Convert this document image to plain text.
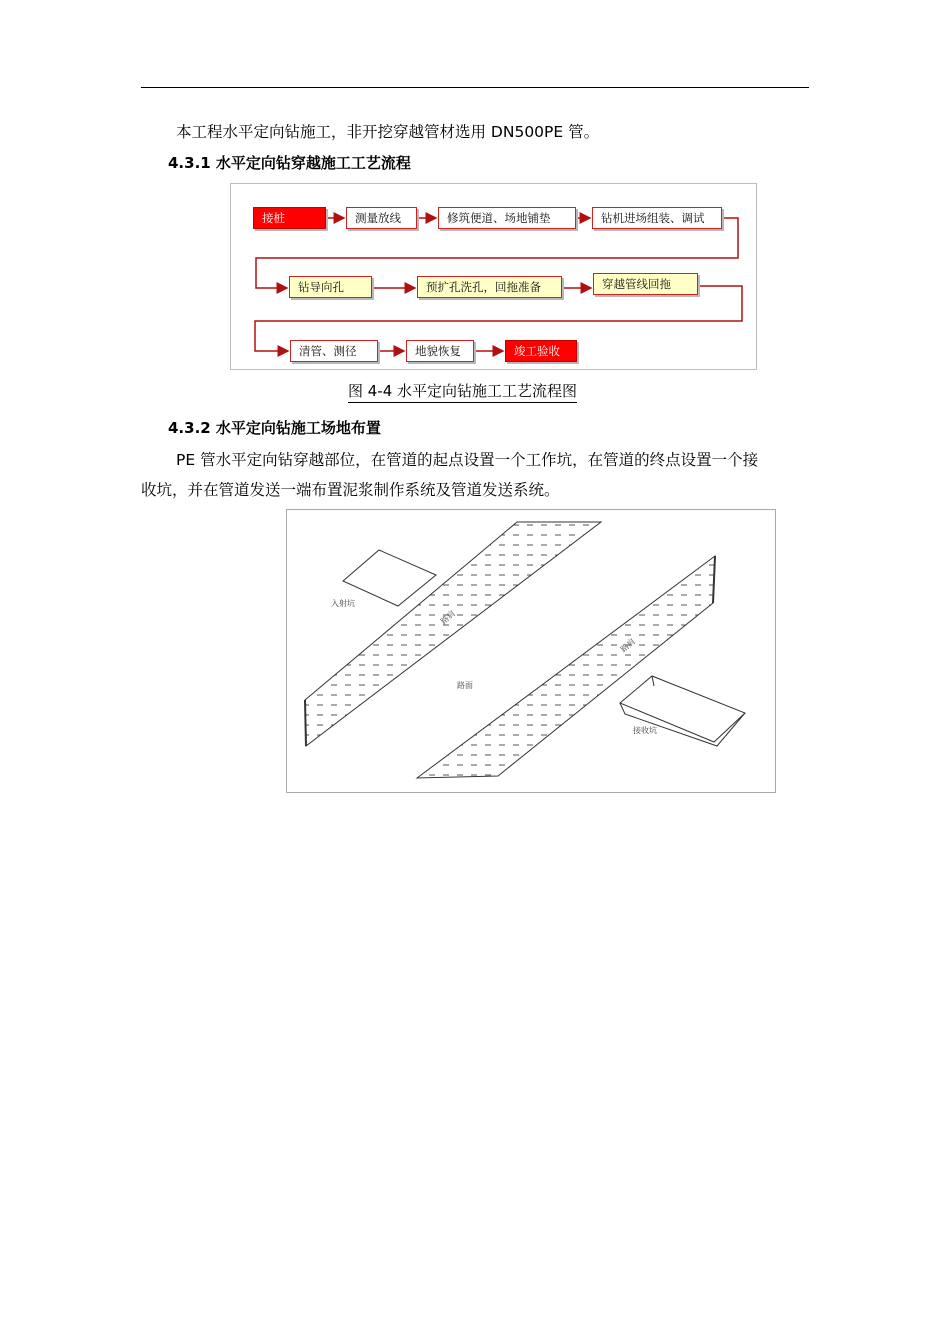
本工程水平定向钻施工，非开挖穿越管材选用 DN500PE 管。

4.3.1 水平定向钻穿越施工工艺流程

接桩	测量放线	修筑便道、场地铺垫	钻机进场组装、调试
钻导向孔	预扩孔洗孔，回拖准备	穿越管线回拖
清管、测径	地貌恢复	竣工验收

图 4-4 水平定向钻施工工艺流程图

4.3.2 水平定向钻施工场地布置

PE 管水平定向钻穿越部位，在管道的起点设置一个工作坑，在管道的终点设置一个接

收坑，并在管道发送一端布置泥浆制作系统及管道发送系统。

入射坑
路肩
路面
路肩
接收坑
